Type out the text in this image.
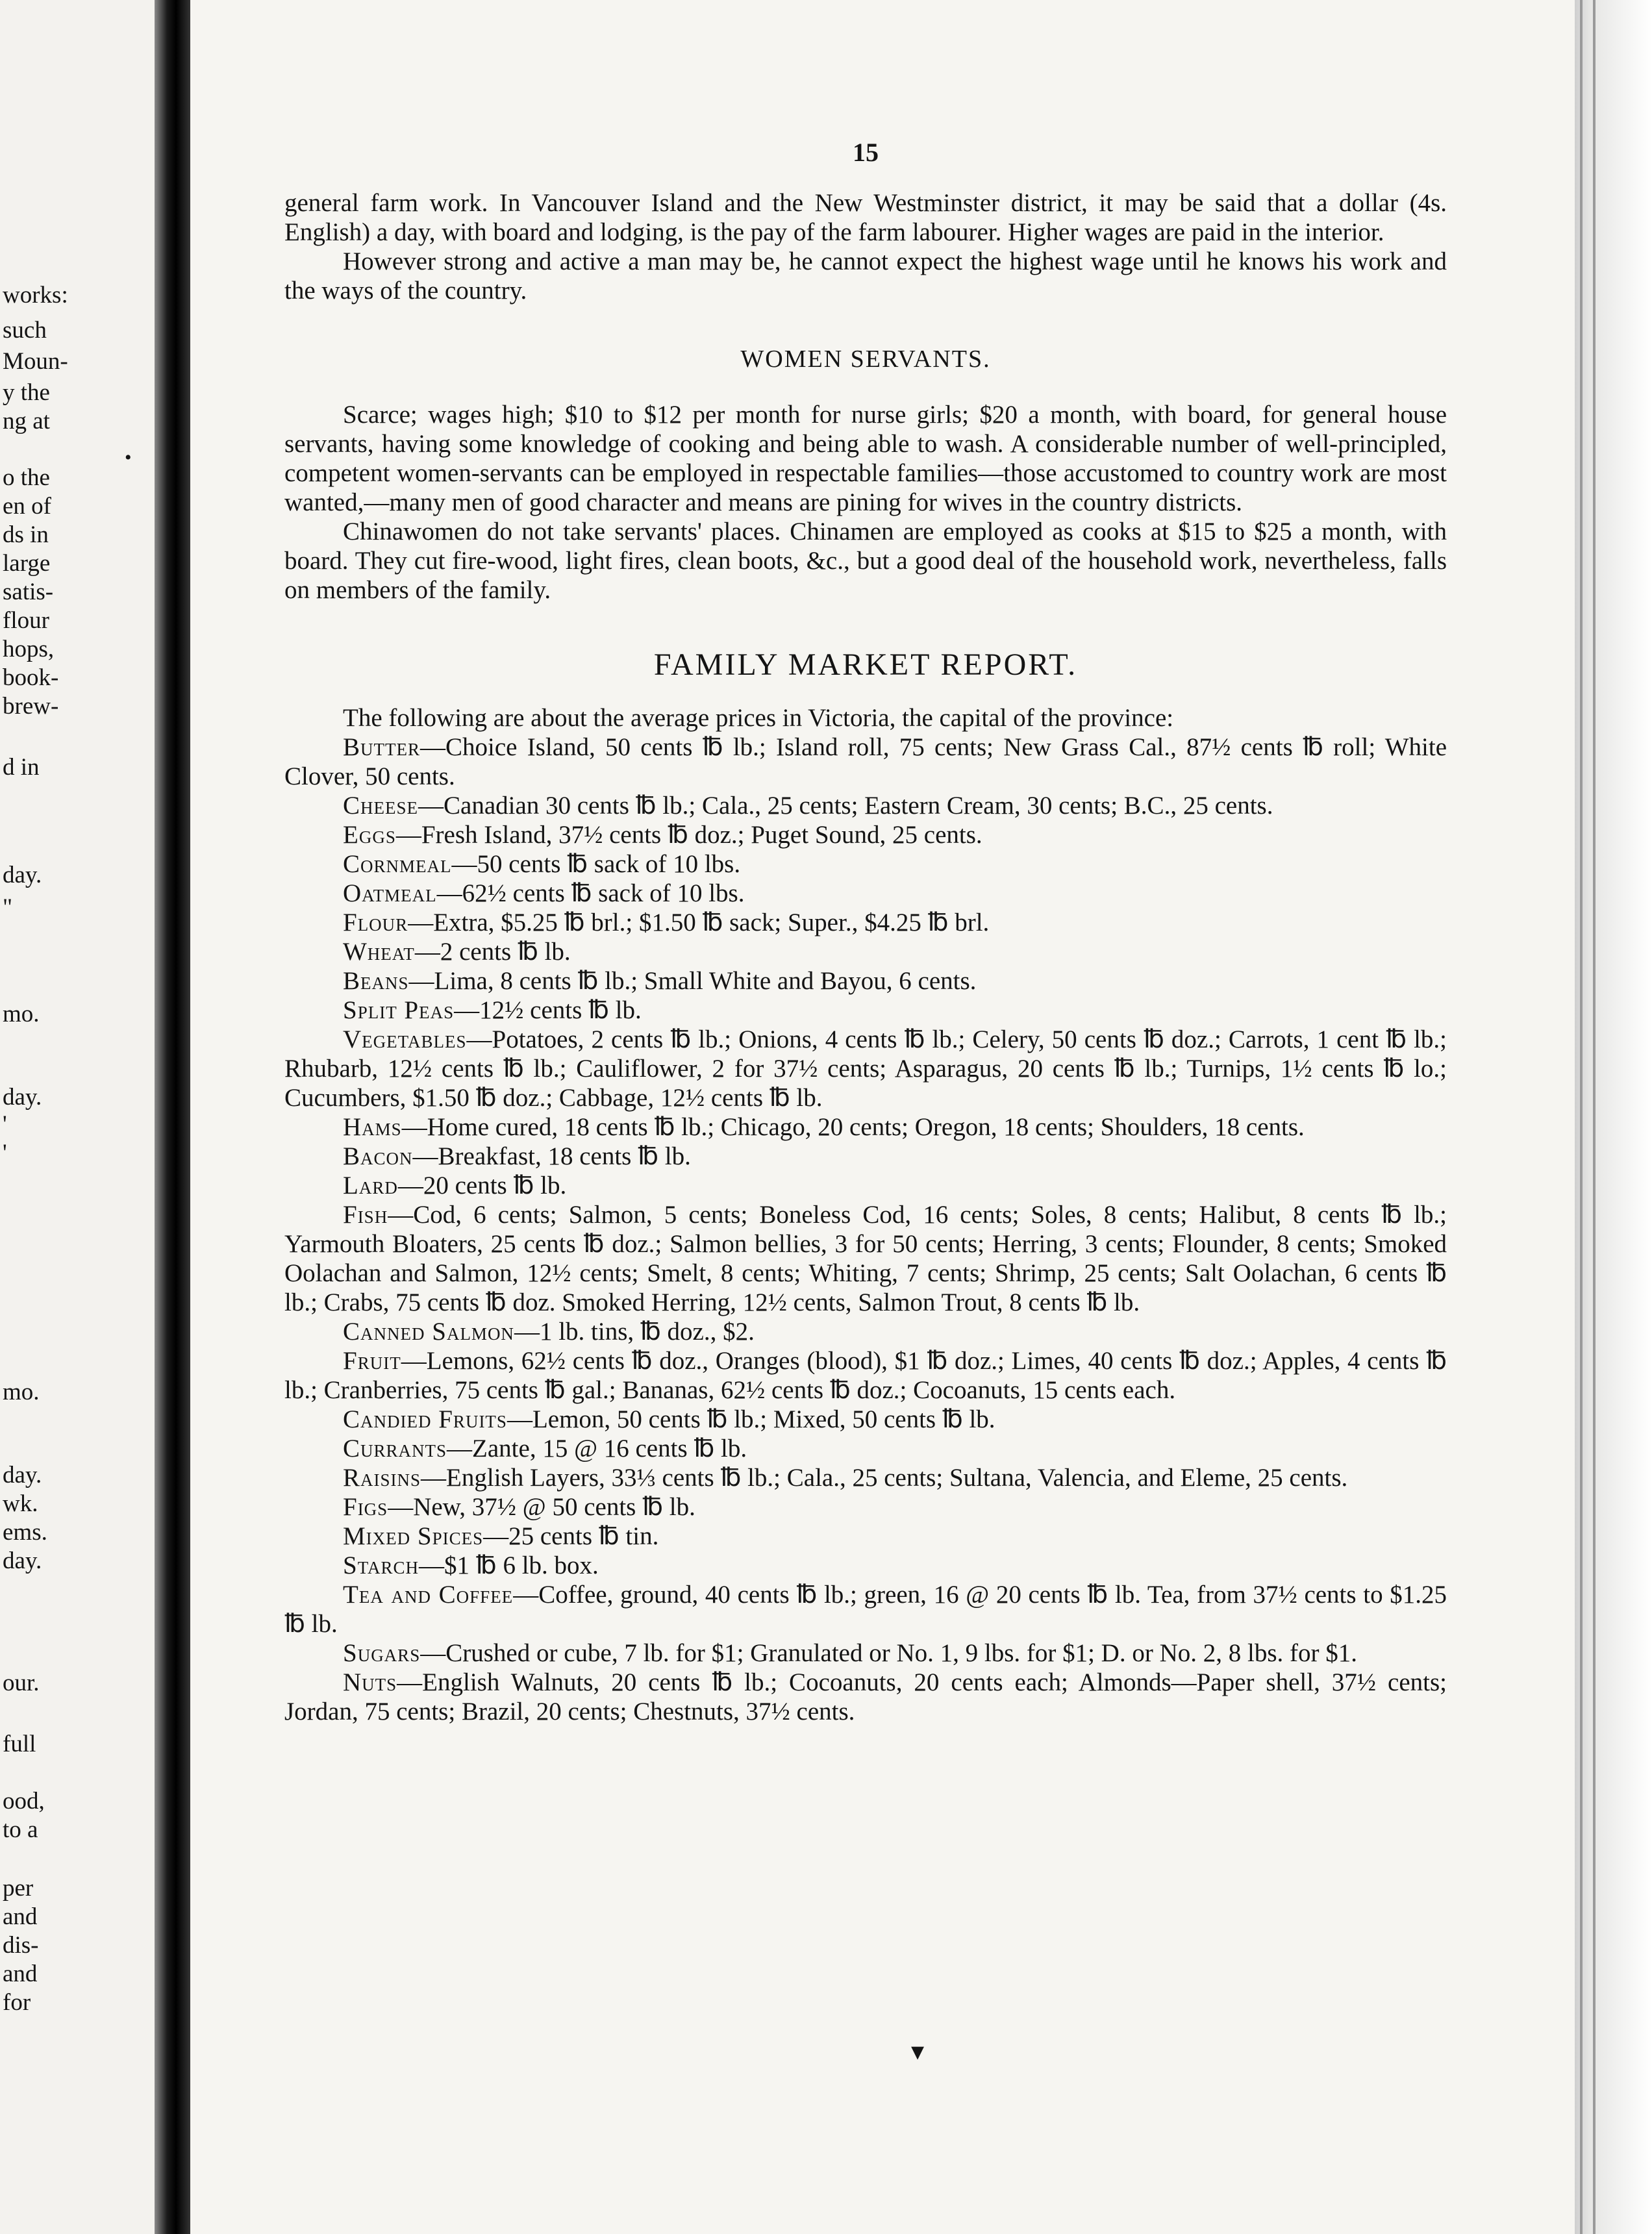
works:
such
Moun-
y the
ng at
o the
en of
ds in
large
satis-
flour
hops,
book-
brew-
d in
day.
"
mo.
day.
'
'
mo.
day.
wk.
ems.
day.
our.
full
ood,
to a
per
and
dis-
and
for
•
15

general farm work. In Vancouver Island and the New Westminster district, it may be said that a dollar (4s. English) a day, with board and lodging, is the pay of the farm labourer. Higher wages are paid in the interior.

However strong and active a man may be, he cannot expect the highest wage until he knows his work and the ways of the country.

WOMEN SERVANTS.

Scarce; wages high; $10 to $12 per month for nurse girls; $20 a month, with board, for general house servants, having some knowledge of cooking and being able to wash. A considerable number of well-principled, competent women-servants can be employed in respectable families—those accustomed to country work are most wanted,—many men of good character and means are pining for wives in the country districts.

Chinawomen do not take servants' places. Chinamen are employed as cooks at $15 to $25 a month, with board. They cut fire-wood, light fires, clean boots, &c., but a good deal of the household work, nevertheless, falls on members of the family.

FAMILY MARKET REPORT.

The following are about the average prices in Victoria, the capital of the province:

Butter—Choice Island, 50 cents ℔ lb.; Island roll, 75 cents; New Grass Cal., 87½ cents ℔ roll; White Clover, 50 cents.

Cheese—Canadian 30 cents ℔ lb.; Cala., 25 cents; Eastern Cream, 30 cents; B.C., 25 cents.

Eggs—Fresh Island, 37½ cents ℔ doz.; Puget Sound, 25 cents.

Cornmeal—50 cents ℔ sack of 10 lbs.

Oatmeal—62½ cents ℔ sack of 10 lbs.

Flour—Extra, $5.25 ℔ brl.; $1.50 ℔ sack; Super., $4.25 ℔ brl.

Wheat—2 cents ℔ lb.

Beans—Lima, 8 cents ℔ lb.; Small White and Bayou, 6 cents.

Split Peas—12½ cents ℔ lb.

Vegetables—Potatoes, 2 cents ℔ lb.; Onions, 4 cents ℔ lb.; Celery, 50 cents ℔ doz.; Carrots, 1 cent ℔ lb.; Rhubarb, 12½ cents ℔ lb.; Cauliflower, 2 for 37½ cents; Asparagus, 20 cents ℔ lb.; Turnips, 1½ cents ℔ lo.; Cucumbers, $1.50 ℔ doz.; Cabbage, 12½ cents ℔ lb.

Hams—Home cured, 18 cents ℔ lb.; Chicago, 20 cents; Oregon, 18 cents; Shoulders, 18 cents.

Bacon—Breakfast, 18 cents ℔ lb.

Lard—20 cents ℔ lb.

Fish—Cod, 6 cents; Salmon, 5 cents; Boneless Cod, 16 cents; Soles, 8 cents; Halibut, 8 cents ℔ lb.; Yarmouth Bloaters, 25 cents ℔ doz.; Salmon bellies, 3 for 50 cents; Herring, 3 cents; Flounder, 8 cents; Smoked Oolachan and Salmon, 12½ cents; Smelt, 8 cents; Whiting, 7 cents; Shrimp, 25 cents; Salt Oolachan, 6 cents ℔ lb.; Crabs, 75 cents ℔ doz. Smoked Herring, 12½ cents, Salmon Trout, 8 cents ℔ lb.

Canned Salmon—1 lb. tins, ℔ doz., $2.

Fruit—Lemons, 62½ cents ℔ doz., Oranges (blood), $1 ℔ doz.; Limes, 40 cents ℔ doz.; Apples, 4 cents ℔ lb.; Cranberries, 75 cents ℔ gal.; Bananas, 62½ cents ℔ doz.; Cocoanuts, 15 cents each.

Candied Fruits—Lemon, 50 cents ℔ lb.; Mixed, 50 cents ℔ lb.

Currants—Zante, 15 @ 16 cents ℔ lb.

Raisins—English Layers, 33⅓ cents ℔ lb.; Cala., 25 cents; Sultana, Valencia, and Eleme, 25 cents.

Figs—New, 37½ @ 50 cents ℔ lb.

Mixed Spices—25 cents ℔ tin.

Starch—$1 ℔ 6 lb. box.

Tea and Coffee—Coffee, ground, 40 cents ℔ lb.; green, 16 @ 20 cents ℔ lb. Tea, from 37½ cents to $1.25 ℔ lb.

Sugars—Crushed or cube, 7 lb. for $1; Granulated or No. 1, 9 lbs. for $1; D. or No. 2, 8 lbs. for $1.

Nuts—English Walnuts, 20 cents ℔ lb.; Cocoanuts, 20 cents each; Almonds—Paper shell, 37½ cents; Jordan, 75 cents; Brazil, 20 cents; Chestnuts, 37½ cents.

▾
